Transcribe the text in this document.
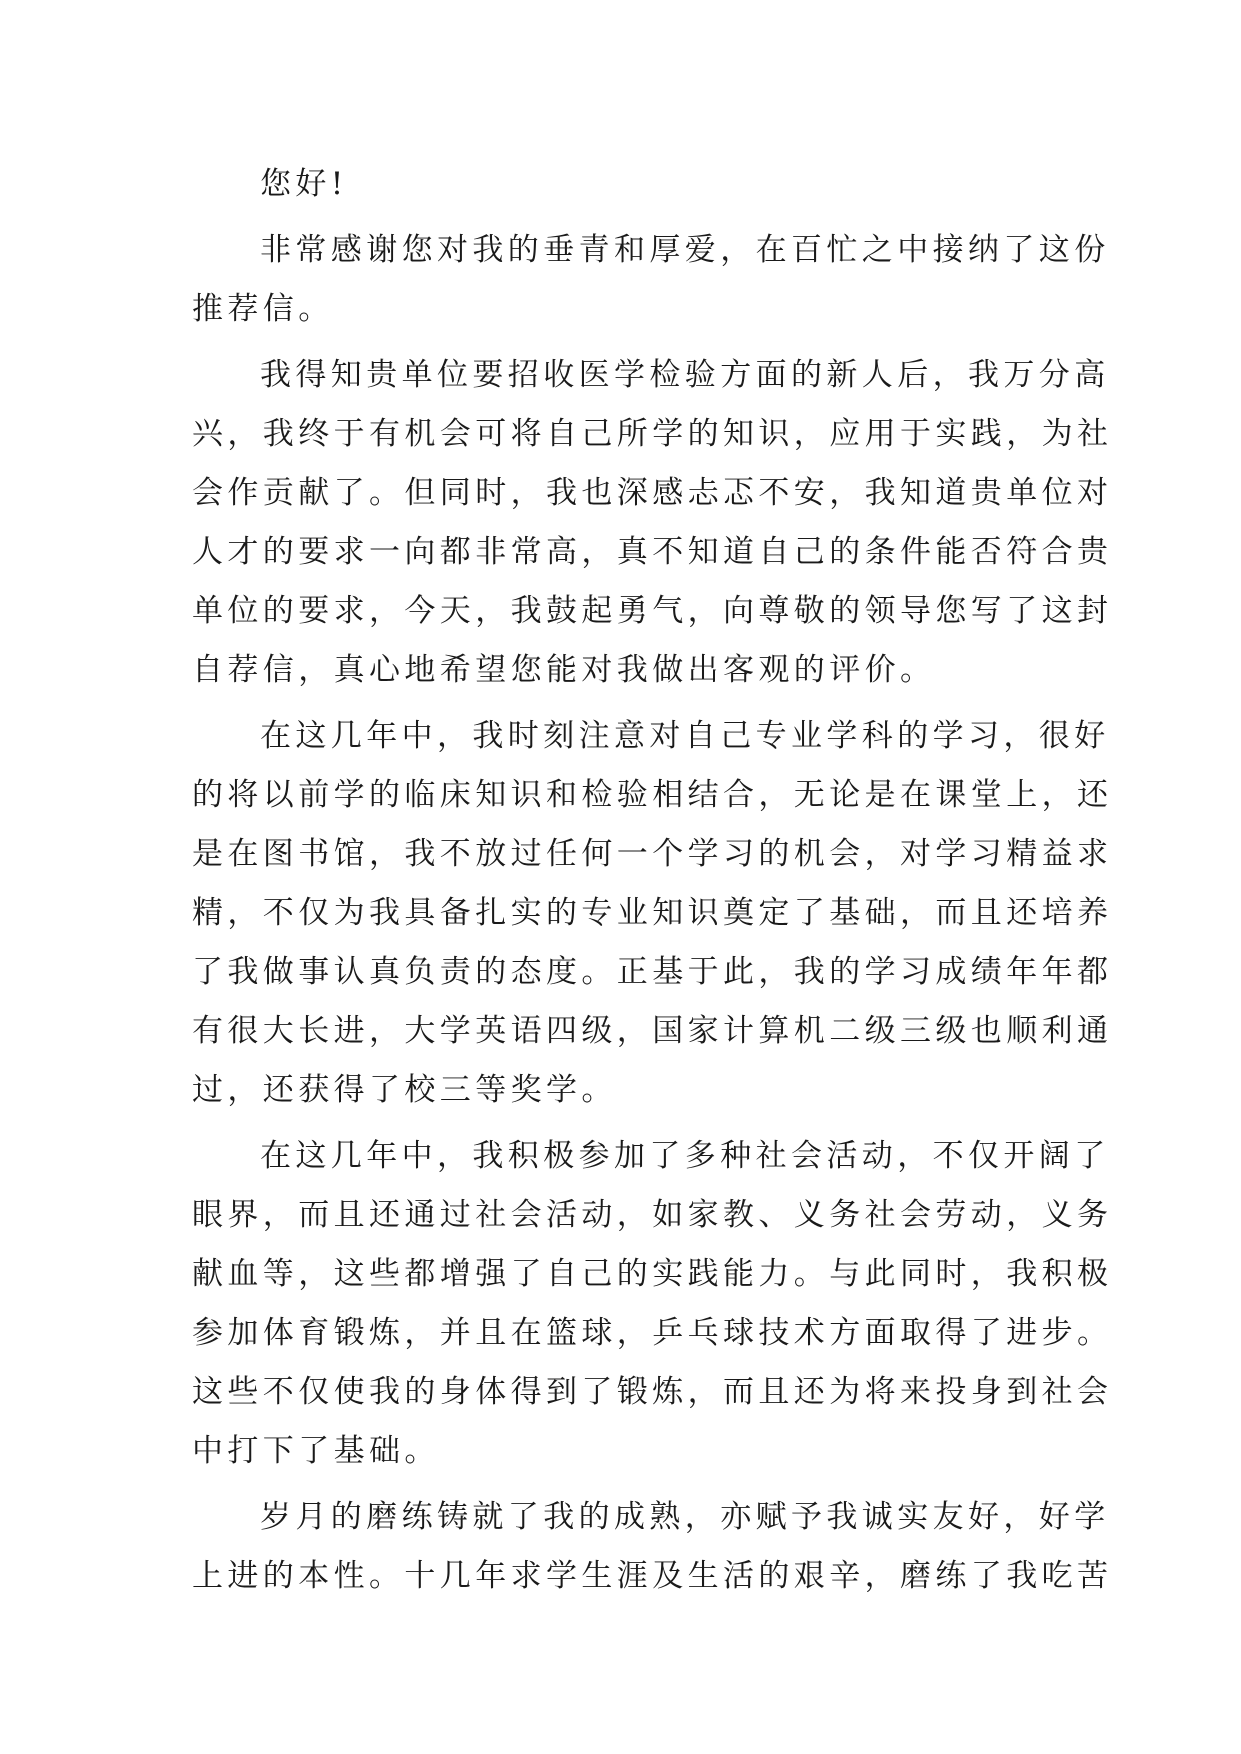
您好!
非常感谢您对我的垂青和厚爱，在百忙之中接纳了这份
推荐信。
我得知贵单位要招收医学检验方面的新人后，我万分高
兴，我终于有机会可将自己所学的知识，应用于实践，为社
会作贡献了。但同时，我也深感忐忑不安，我知道贵单位对
人才的要求一向都非常高，真不知道自己的条件能否符合贵
单位的要求，今天，我鼓起勇气，向尊敬的领导您写了这封
自荐信，真心地希望您能对我做出客观的评价。
在这几年中，我时刻注意对自己专业学科的学习，很好
的将以前学的临床知识和检验相结合，无论是在课堂上，还
是在图书馆，我不放过任何一个学习的机会，对学习精益求
精，不仅为我具备扎实的专业知识奠定了基础，而且还培养
了我做事认真负责的态度。正基于此，我的学习成绩年年都
有很大长进，大学英语四级，国家计算机二级三级也顺利通
过，还获得了校三等奖学。
在这几年中，我积极参加了多种社会活动，不仅开阔了
眼界，而且还通过社会活动，如家教、义务社会劳动，义务
献血等，这些都增强了自己的实践能力。与此同时，我积极
参加体育锻炼，并且在篮球，乒乓球技术方面取得了进步。
这些不仅使我的身体得到了锻炼，而且还为将来投身到社会
中打下了基础。
岁月的磨练铸就了我的成熟，亦赋予我诚实友好，好学
上进的本性。十几年求学生涯及生活的艰辛，磨练了我吃苦
